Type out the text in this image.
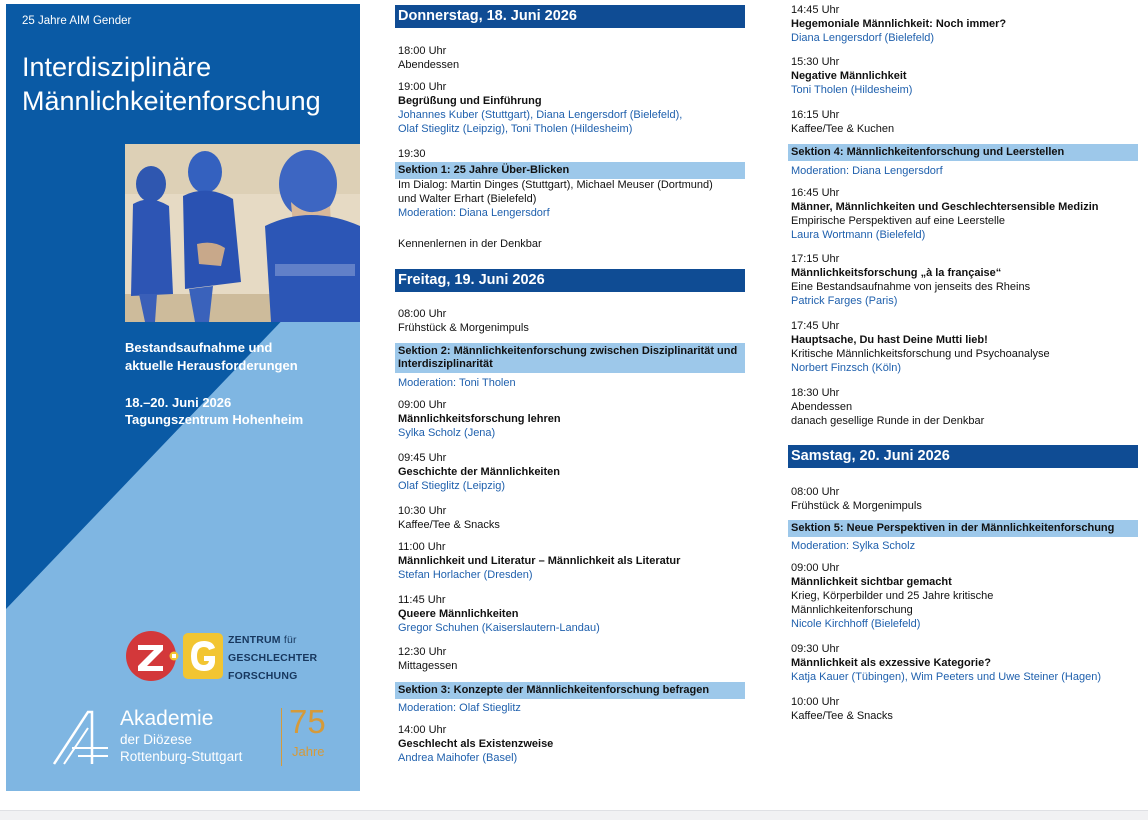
25 Jahre AIM Gender
Interdisziplinäre
Männlichkeitenforschung
Bestandsaufnahme und
aktuelle Herausforderungen
18.–20. Juni 2026
Tagungszentrum Hohenheim
ZENTRUM für
GESCHLECHTER
FORSCHUNG
Akademie
der Diözese
Rottenburg-Stuttgart
75
Jahre
Donnerstag, 18. Juni 2026
18:00 Uhr
Abendessen
19:00 Uhr
Begrüßung und Einführung
Johannes Kuber (Stuttgart), Diana Lengersdorf (Bielefeld),
Olaf Stieglitz (Leipzig), Toni Tholen (Hildesheim)
19:30
Sektion 1: 25 Jahre Über-Blicken
Im Dialog: Martin Dinges (Stuttgart), Michael Meuser (Dortmund)
und Walter Erhart (Bielefeld)
Moderation: Diana Lengersdorf
Kennenlernen in der Denkbar
Freitag, 19. Juni 2026
08:00 Uhr
Frühstück & Morgenimpuls
Sektion 2: Männlichkeitenforschung zwischen Disziplinarität und Interdisziplinarität
Moderation: Toni Tholen
09:00 Uhr
Männlichkeitsforschung lehren
Sylka Scholz (Jena)
09:45 Uhr
Geschichte der Männlichkeiten
Olaf Stieglitz (Leipzig)
10:30 Uhr
Kaffee/Tee & Snacks
11:00 Uhr
Männlichkeit und Literatur – Männlichkeit als Literatur
Stefan Horlacher (Dresden)
11:45 Uhr
Queere Männlichkeiten
Gregor Schuhen (Kaiserslautern-Landau)
12:30 Uhr
Mittagessen
Sektion 3: Konzepte der Männlichkeitenforschung befragen
Moderation: Olaf Stieglitz
14:00 Uhr
Geschlecht als Existenzweise
Andrea Maihofer (Basel)
14:45 Uhr
Hegemoniale Männlichkeit: Noch immer?
Diana Lengersdorf (Bielefeld)
15:30 Uhr
Negative Männlichkeit
Toni Tholen (Hildesheim)
16:15 Uhr
Kaffee/Tee & Kuchen
Sektion 4: Männlichkeitenforschung und Leerstellen
Moderation: Diana Lengersdorf
16:45 Uhr
Männer, Männlichkeiten und Geschlechtersensible Medizin
Empirische Perspektiven auf eine Leerstelle
Laura Wortmann (Bielefeld)
17:15 Uhr
Männlichkeitsforschung „à la française“
Eine Bestandsaufnahme von jenseits des Rheins
Patrick Farges (Paris)
17:45 Uhr
Hauptsache, Du hast Deine Mutti lieb!
Kritische Männlichkeitsforschung und Psychoanalyse
Norbert Finzsch (Köln)
18:30 Uhr
Abendessen
danach gesellige Runde in der Denkbar
Samstag, 20. Juni 2026
08:00 Uhr
Frühstück & Morgenimpuls
Sektion 5: Neue Perspektiven in der Männlichkeitenforschung
Moderation: Sylka Scholz
09:00 Uhr
Männlichkeit sichtbar gemacht
Krieg, Körperbilder und 25 Jahre kritische
Männlichkeitenforschung
Nicole Kirchhoff (Bielefeld)
09:30 Uhr
Männlichkeit als exzessive Kategorie?
Katja Kauer (Tübingen), Wim Peeters und Uwe Steiner (Hagen)
10:00 Uhr
Kaffee/Tee & Snacks
